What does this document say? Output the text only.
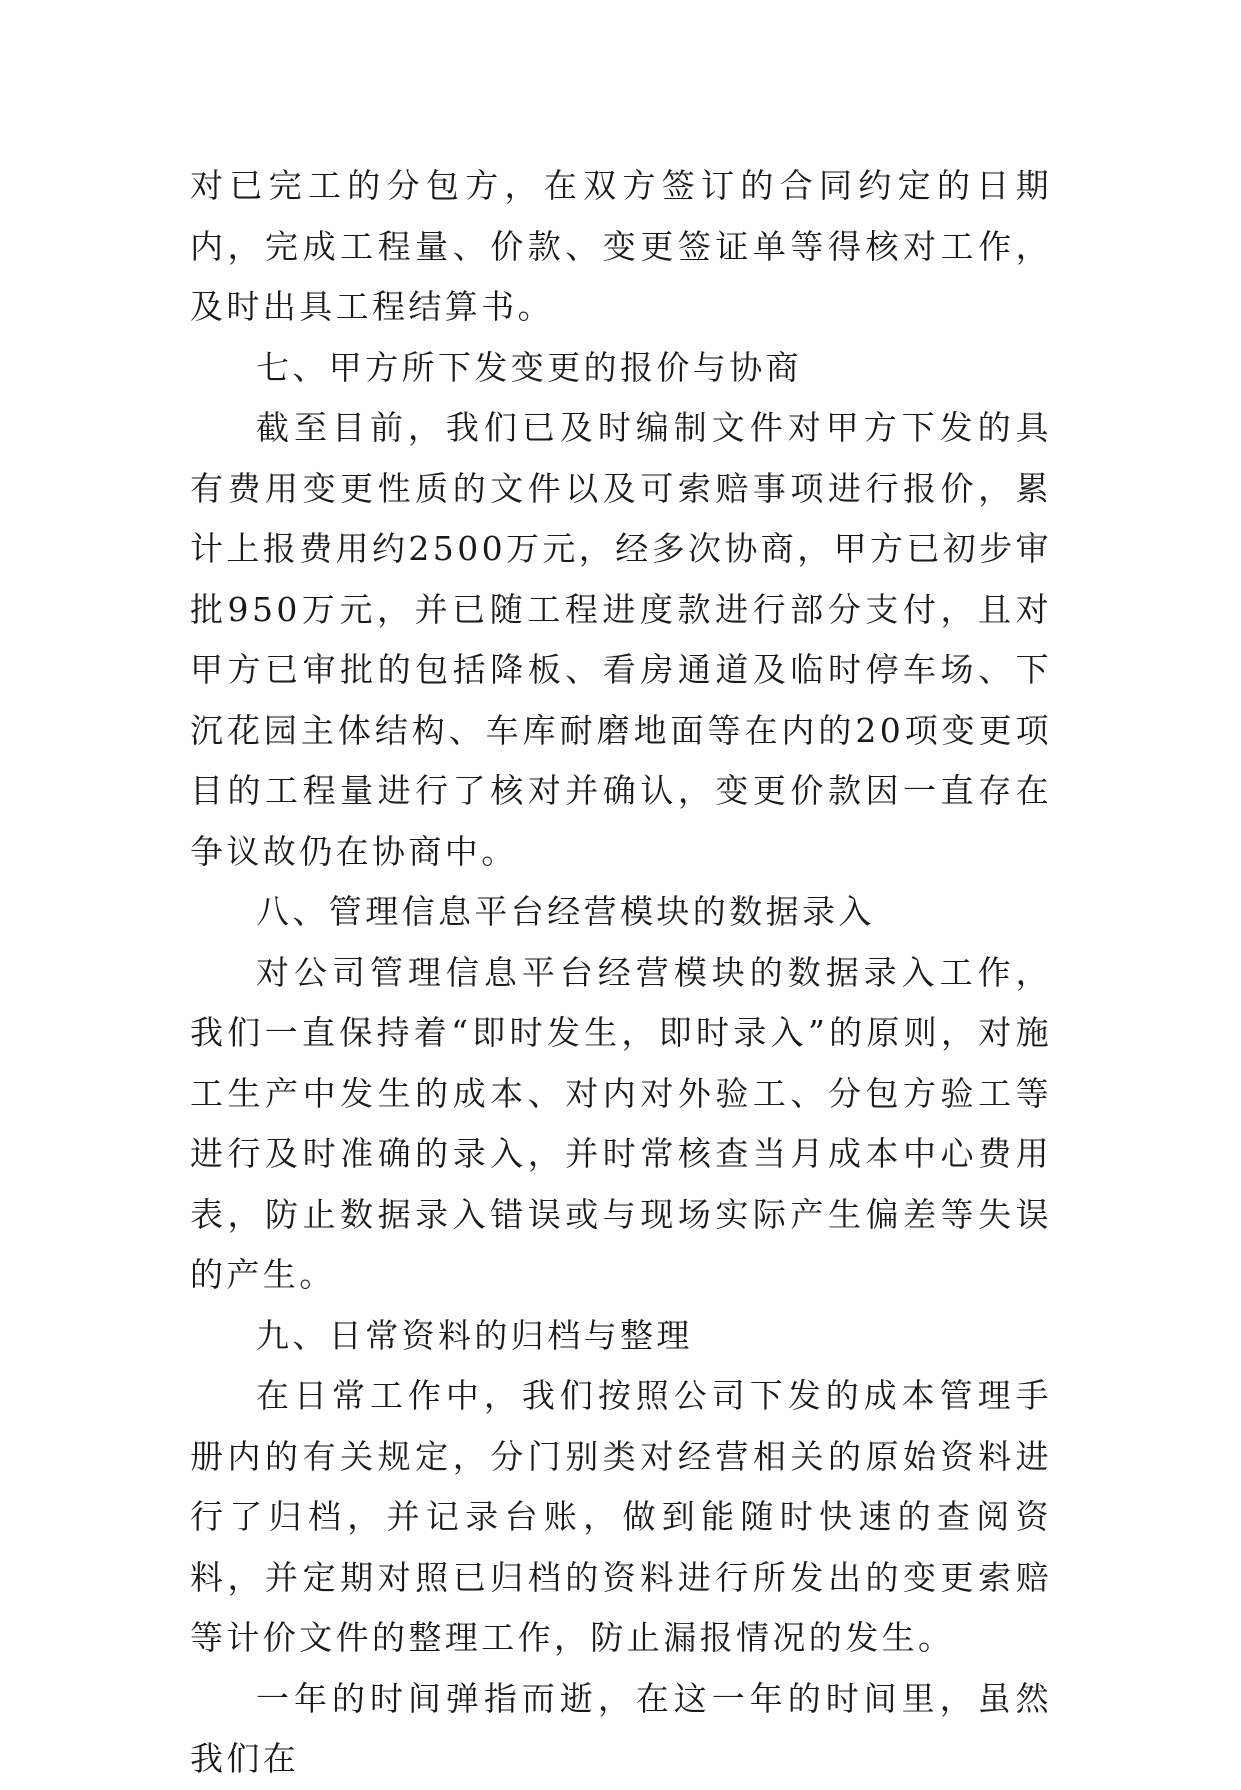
对已完工的分包方，在双方签订的合同约定的日期内，完成工程量、价款、变更签证单等得核对工作，及时出具工程结算书。

七、甲方所下发变更的报价与协商

截至目前，我们已及时编制文件对甲方下发的具有费用变更性质的文件以及可索赔事项进行报价，累计上报费用约2500万元，经多次协商，甲方已初步审批950万元，并已随工程进度款进行部分支付，且对甲方已审批的包括降板、看房通道及临时停车场、下沉花园主体结构、车库耐磨地面等在内的20项变更项目的工程量进行了核对并确认，变更价款因一直存在争议故仍在协商中。

八、管理信息平台经营模块的数据录入

对公司管理信息平台经营模块的数据录入工作，我们一直保持着“即时发生，即时录入”的原则，对施工生产中发生的成本、对内对外验工、分包方验工等进行及时准确的录入，并时常核查当月成本中心费用表，防止数据录入错误或与现场实际产生偏差等失误的产生。

九、日常资料的归档与整理

在日常工作中，我们按照公司下发的成本管理手册内的有关规定，分门别类对经营相关的原始资料进行了归档，并记录台账，做到能随时快速的查阅资料，并定期对照已归档的资料进行所发出的变更索赔等计价文件的整理工作，防止漏报情况的发生。

一年的时间弹指而逝，在这一年的时间里，虽然我们在
